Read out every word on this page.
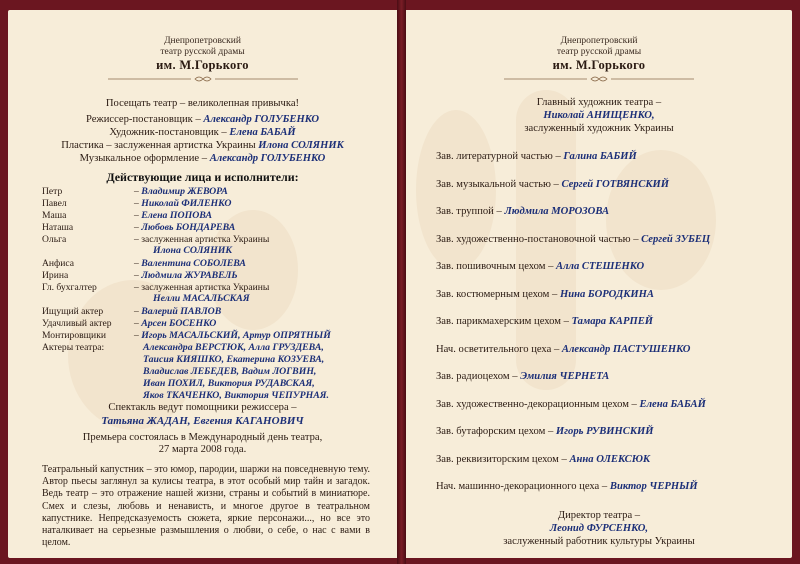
Днепропетровский
театр русской драмы
им. М.Горького
Посещать театр – великолепная привычка!
Режиссер-постановщик – Александр ГОЛУБЕНКО
Художник-постановщик – Елена БАБАЙ
Пластика – заслуженная артистка Украины Илона СОЛЯНИК
Музыкальное оформление – Александр ГОЛУБЕНКО
Действующие лица и исполнители:
Петр	– Владимир ЖЕВОРА
Павел	– Николай ФИЛЕНКО
Маша	– Елена ПОПОВА
Наташа	– Любовь БОНДАРЕВА
Ольга	– заслуженная артистка Украины
Илона СОЛЯНИК
Анфиса	– Валентина СОБОЛЕВА
Ирина	– Людмила ЖУРАВЕЛЬ
Гл. бухгалтер	– заслуженная артистка Украины
Нелли МАСАЛЬСКАЯ
Ищущий актер	– Валерий ПАВЛОВ
Удачливый актер – Арсен БОСЕНКО
Монтировщики	– Игорь МАСАЛЬСКИЙ, Артур ОПРЯТНЫЙ
Актеры театра:	Александра ВЕРСТЮК, Алла ГРУЗДЕВА,
Таисия КИЯШКО, Екатерина КОЗУЕВА,
Владислав ЛЕБЕДЕВ, Вадим ЛОГВИН,
Иван ПОХИЛ, Виктория РУДАВСКАЯ,
Яков ТКАЧЕНКО, Виктория ЧЕПУРНАЯ.
Спектакль ведут помощники режиссера –
Татьяна ЖАДАН, Евгения КАГАНОВИЧ
Премьера состоялась в Международный день театра,
27 марта 2008 года.
Театральный капустник – это юмор, пародии, шаржи на повседневную тему. Автор пьесы заглянул за кулисы театра, в этот особый мир тайн и загадок. Ведь театр – это отражение нашей жизни, страны и событий в миниатюре. Смех и слезы, любовь и ненависть, и многое другое в театральном капустнике. Непредсказуемость сюжета, яркие персонажи..., но все это наталкивает на серьезные размышления о любви, о себе, о нас с вами в целом.
Днепропетровский
театр русской драмы
им. М.Горького
Главный художник театра –
Николай АНИЩЕНКО,
заслуженный художник Украины
Зав. литературной частью – Галина БАБИЙ
Зав. музыкальной частью – Сергей ГОТВЯНСКИЙ
Зав. труппой – Людмила МОРОЗОВА
Зав. художественно-постановочной частью – Сергей ЗУБЕЦ
Зав. пошивочным цехом – Алла СТЕШЕНКО
Зав. костюмерным цехом – Нина БОРОДКИНА
Зав. парикмахерским цехом – Тамара КАРПЕЙ
Нач. осветительного цеха – Александр ПАСТУШЕНКО
Зав. радиоцехом – Эмилия ЧЕРНЕТА
Зав. художественно-декорационным цехом – Елена БАБАЙ
Зав. бутафорским цехом – Игорь РУВИНСКИЙ
Зав. реквизиторским цехом – Анна ОЛЕКСЮК
Нач. машинно-декорационного цеха – Виктор ЧЕРНЫЙ
Директор театра –
Леонид ФУРСЕНКО,
заслуженный работник культуры Украины
